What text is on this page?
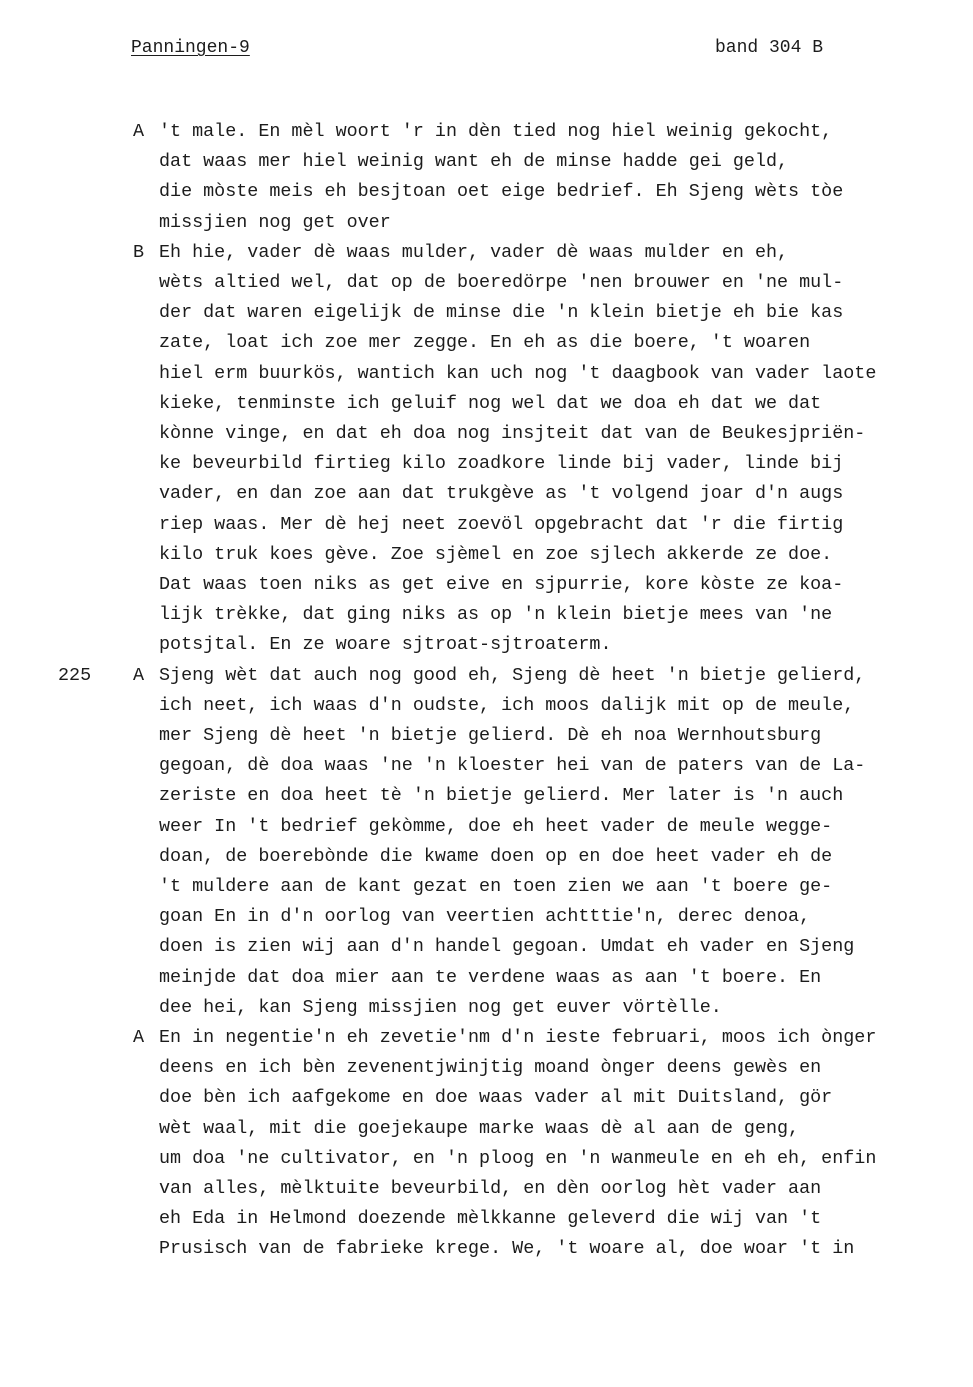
Panningen-9	band 304 B
A 't male. En mèl woort 'r in dèn tied nog hiel weinig gekocht,
dat waas mer hiel weinig want eh de minse hadde gei geld,
die mòste meis eh besjtoan oet eige bedrief. Eh Sjeng wèts tòe
missjien nog get over
B Eh hie, vader dè waas mulder, vader dè waas mulder en eh,
wèts altied wel, dat op de boeredörpe 'nen brouwer en 'ne mul-
der dat waren eigelijk de minse die 'n klein bietje eh bie kas
zate, loat ich zoe mer zegge. En eh as die boere, 't woaren
hiel erm buurkös, wantich kan uch nog 't daagbook van vader laote
kieke, tenminste ich geluif nog wel dat we doa eh dat we dat
kònne vinge, en dat eh doa nog insjteit dat van de Beukesjpriën-
ke beveurbild firtieg kilo zoadkore linde bij vader, linde bij
vader, en dan zoe aan dat trukgève as 't volgend joar d'n augs
riep waas. Mer dè hej neet zoevöl opgebracht dat 'r die firtig
kilo truk koes gève. Zoe sjèmel en zoe sjlech akkerde ze doe.
Dat waas toen niks as get eive en sjpurrie, kore kòste ze koa-
lijk trèkke, dat ging niks as op 'n klein bietje mees van 'ne
potsjtal. En ze woare sjtroat-sjtroaterm.
225 A Sjeng wèt dat auch nog good eh, Sjeng dè heet 'n bietje gelierd,
ich neet, ich waas d'n oudste, ich moos dalijk mit op de meule,
mer Sjeng dè heet 'n bietje gelierd. Dè eh noa Wernhoutsburg
gegoan, dè doa waas 'ne 'n kloester hei van de paters van de La-
zeriste en doa heet tè 'n bietje gelierd. Mer later is 'n auch
weer In 't bedrief gekòmme, doe eh heet vader de meule wegge-
doan, de boerebònde die kwame doen op en doe heet vader eh de
't muldere aan de kant gezat en toen zien we aan 't boere ge-
goan En in d'n oorlog van veertien achtttie'n, derec denoa,
doen is zien wij aan d'n handel gegoan. Umdat eh vader en Sjeng
meinjde dat doa mier aan te verdene waas as aan 't boere. En
dee hei, kan Sjeng missjien nog get euver vörtèlle.
A En in negentie'n eh zevetie'nm d'n ieste februari, moos ich ònger
deens en ich bèn zevenentjwinjtig moand ònger deens gewès en
doe bèn ich aafgekome en doe waas vader al mit Duitsland, gör
wèt waal, mit die goejekaupe marke waas dè al aan de geng,
um doa 'ne cultivator, en 'n ploog en 'n wanmeule en eh eh, enfin
van alles, mèlktuite beveurbild, en dèn oorlog hèt vader aan
eh Eda in Helmond doezende mèlkkanne geleverd die wij van 't
Prusisch van de fabrieke krege. We, 't woare al, doe woar 't in
